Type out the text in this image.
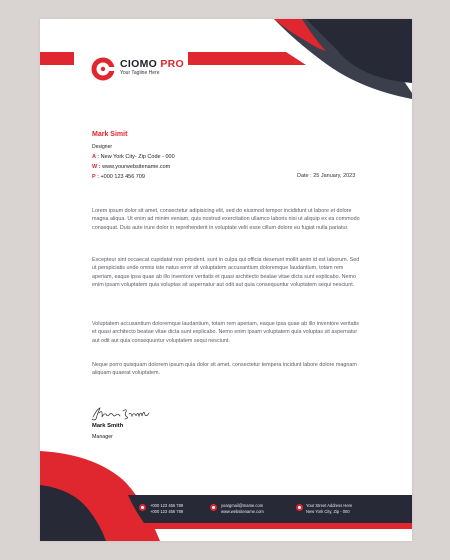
CIOMO PRO
Your Tagline Here
Mark Simit
Designer
A : New York City- Zip Code - 000
W : www.yourwebsitename.com
P : +000 123 456 709	Date : 25 January, 2023

Lorem ipsum dolor sit amet, consectetur adipisicing elit, sed do eiusmod tempor incididunt ut labore et dolore magna aliqua. Ut enim ad minim veniam, quis nostrud exercitation ullamco laboris nisi ut aliquip ex ea commodo consequat. Duis aute irure dolor in reprehenderit in voluptate velit esse cillum dolore eu fugiat nulla pariatur.

Excepteur sint occaecat cupidatat non proident, sunt in culpa qui officia deserunt mollit anim id est laborum. Sed ut perspiciatis unde omnis iste natus error sit voluptatem accusantium doloremque laudantium, totam rem aperiam, eaque ipsa quae ab illo inventore veritatis et quasi architecto beatae vitae dicta sunt explicabo. Nemo enim ipsam voluptatem quia voluptas sit aspernatur aut odit aut quia consequuntur voluptatem sequi nesciunt.

Voluptatem accusantium doloremque laudantium, totam rem aperiam, eaque ipsa quae ab illo inventore veritatis et quasi architecto beatae vitae dicta sunt explicabo. Nemo enim ipsam voluptatem quia voluptas sit aspernatur aut odit aut quia consequuntur voluptatem sequi nesciunt.

Neque porro quisquam dolorem ipsum quia dolor sit amet, consectetur tempera incidunt labore dolore magnam aliquam quaerat voluptatem.

Mark Smith
Manager
+000 123 456 789
+000 123 456 789
yoargmail@mame.com
www.websitename.com
Your Street Address Here
New York City, Zip - 000
